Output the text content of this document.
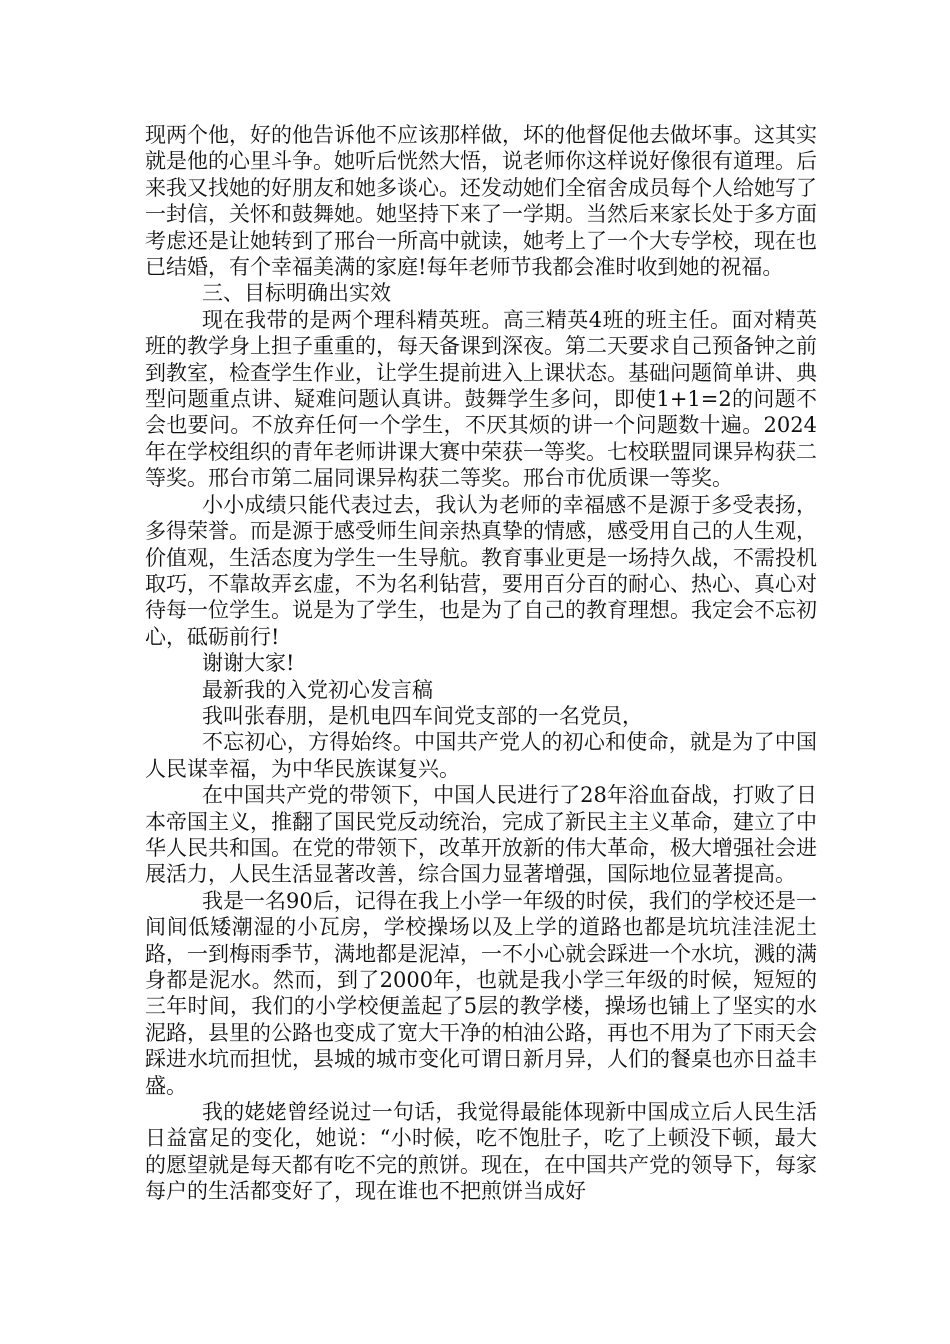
现两个他，好的他告诉他不应该那样做，坏的他督促他去做坏事。这其实就是他的心里斗争。她听后恍然大悟，说老师你这样说好像很有道理。后来我又找她的好朋友和她多谈心。还发动她们全宿舍成员每个人给她写了一封信，关怀和鼓舞她。她坚持下来了一学期。当然后来家长处于多方面考虑还是让她转到了邢台一所高中就读，她考上了一个大专学校，现在也已结婚，有个幸福美满的家庭!每年老师节我都会准时收到她的祝福。

三、目标明确出实效

现在我带的是两个理科精英班。高三精英4班的班主任。面对精英班的教学身上担子重重的，每天备课到深夜。第二天要求自己预备钟之前到教室，检查学生作业，让学生提前进入上课状态。基础问题简单讲、典型问题重点讲、疑难问题认真讲。鼓舞学生多问，即使1+1=2的问题不会也要问。不放弃任何一个学生，不厌其烦的讲一个问题数十遍。2024年在学校组织的青年老师讲课大赛中荣获一等奖。七校联盟同课异构获二等奖。邢台市第二届同课异构获二等奖。邢台市优质课一等奖。

小小成绩只能代表过去，我认为老师的幸福感不是源于多受表扬，多得荣誉。而是源于感受师生间亲热真挚的情感，感受用自己的人生观，价值观，生活态度为学生一生导航。教育事业更是一场持久战，不需投机取巧，不靠故弄玄虚，不为名利钻营，要用百分百的耐心、热心、真心对待每一位学生。说是为了学生，也是为了自己的教育理想。我定会不忘初心，砥砺前行!

谢谢大家!

最新我的入党初心发言稿

我叫张春朋，是机电四车间党支部的一名党员，

不忘初心，方得始终。中国共产党人的初心和使命，就是为了中国人民谋幸福，为中华民族谋复兴。

在中国共产党的带领下，中国人民进行了28年浴血奋战，打败了日本帝国主义，推翻了国民党反动统治，完成了新民主主义革命，建立了中华人民共和国。在党的带领下，改革开放新的伟大革命，极大增强社会进展活力，人民生活显著改善，综合国力显著增强，国际地位显著提高。

我是一名90后，记得在我上小学一年级的时侯，我们的学校还是一间间低矮潮湿的小瓦房，学校操场以及上学的道路也都是坑坑洼洼泥土路，一到梅雨季节，满地都是泥淖，一不小心就会踩进一个水坑，溅的满身都是泥水。然而，到了2000年，也就是我小学三年级的时候，短短的三年时间，我们的小学校便盖起了5层的教学楼，操场也铺上了坚实的水泥路，县里的公路也变成了宽大干净的柏油公路，再也不用为了下雨天会踩进水坑而担忧，县城的城市变化可谓日新月异，人们的餐桌也亦日益丰盛。

我的姥姥曾经说过一句话，我觉得最能体现新中国成立后人民生活日益富足的变化，她说：“小时候，吃不饱肚子，吃了上顿没下顿，最大的愿望就是每天都有吃不完的煎饼。现在，在中国共产党的领导下，每家每户的生活都变好了，现在谁也不把煎饼当成好
